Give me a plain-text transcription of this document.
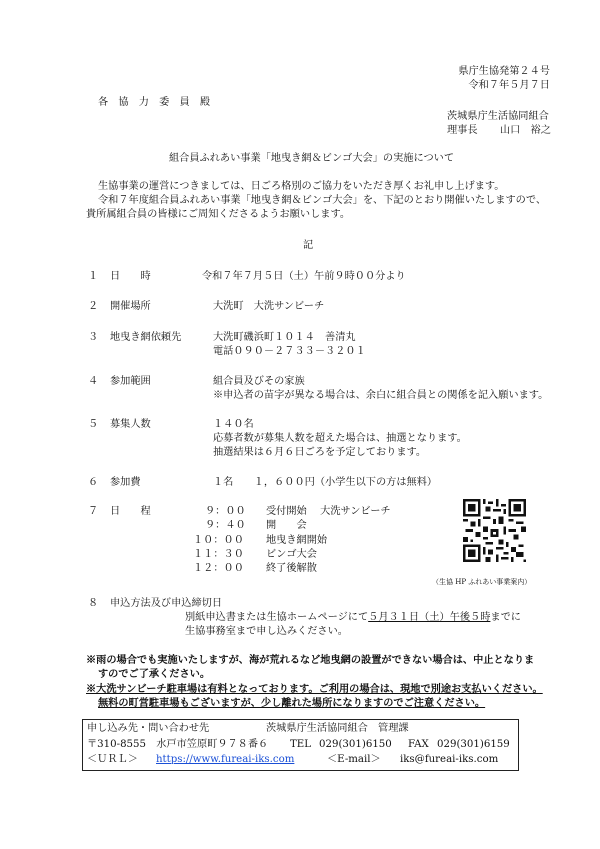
県庁生協発第２４号
令和７年５月７日
各　協　力　委　員　殿
茨城県庁生活協同組合
理事長 山口　裕之
組合員ふれあい事業「地曳き網＆ビンゴ大会」の実施について
生協事業の運営につきましては、日ごろ格別のご協力をいただき厚くお礼申し上げます。
令和７年度組合員ふれあい事業「地曳き網＆ビンゴ大会」を、下記のとおり開催いたしますので、
貴所属組合員の皆様にご周知くださるようお願いします。
記
１ 日　　時	令和７年７月５日（土）午前９時００分より
２ 開催場所	大洗町　大洗サンビーチ
３ 地曳き網依頼先	大洗町磯浜町１０１４　善清丸
電話０９０－２７３３－３２０１
４ 参加範囲	組合員及びその家族
※申込者の苗字が異なる場合は、余白に組合員との関係を記入願います。
５ 募集人数	１４０名
応募者数が募集人数を超えた場合は、抽選となります。
抽選結果は６月６日ごろを予定しております。
６ 参加費	１名　　１，６００円（小学生以下の方は無料）
７ 日　　程	９：００ 受付開始　 大洗サンビーチ
９：４０ 開　　会
１０：００ 地曳き網開始
１１：３０ ビンゴ大会
１２：００ 終了後解散
（生協 HP ふれあい事業案内）
８ 申込方法及び申込締切日
別紙申込書または生協ホームページにて５月３１日（土）午後５時までに
生協事務室まで申し込みください。
※雨の場合でも実施いたしますが、海が荒れるなど地曳網の設置ができない場合は、中止となりま
すのでご了承ください。
※大洗サンビーチ駐車場は有料となっております。ご利用の場合は、現地で別途お支払いください。
無料の町営駐車場もございますが、少し離れた場所になりますのでご注意ください。
申し込み先・問い合わせ先	茨城県庁生活協同組合　管理課
〒310-8555　水戸市笠原町９７８番６ TEL 029(301)6150 FAX 029(301)6159
＜ＵＲＬ＞ https://www.fureai-iks.com	＜E-mail＞ iks@fureai-iks.com
